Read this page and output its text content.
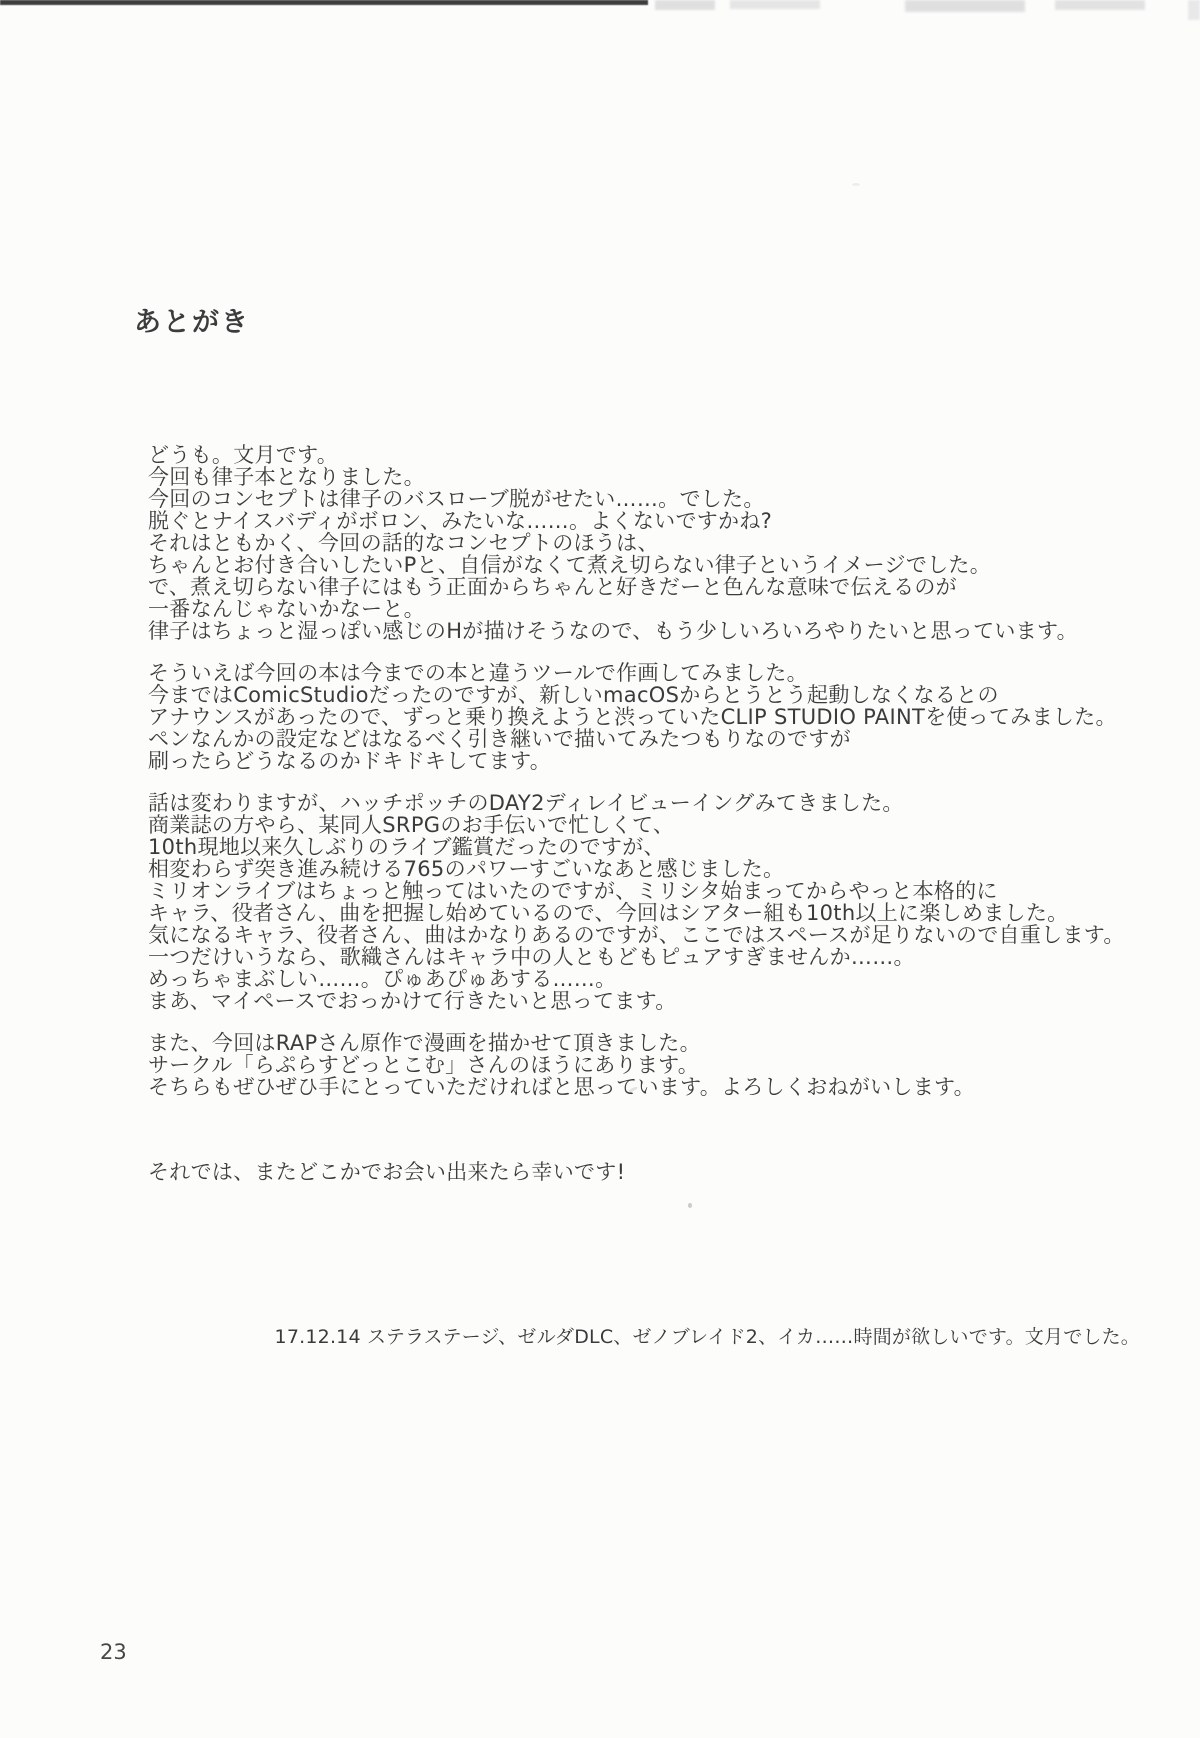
あとがき
どうも。文月です。
今回も律子本となりました。
今回のコンセプトは律子のバスローブ脱がせたい……。でした。
脱ぐとナイスバディがボロン、みたいな……。よくないですかね?
それはともかく、今回の話的なコンセプトのほうは、
ちゃんとお付き合いしたいPと、自信がなくて煮え切らない律子というイメージでした。
で、煮え切らない律子にはもう正面からちゃんと好きだーと色んな意味で伝えるのが
一番なんじゃないかなーと。
律子はちょっと湿っぽい感じのHが描けそうなので、もう少しいろいろやりたいと思っています。
そういえば今回の本は今までの本と違うツールで作画してみました。
今まではComicStudioだったのですが、新しいmacOSからとうとう起動しなくなるとの
アナウンスがあったので、ずっと乗り換えようと渋っていたCLIP STUDIO PAINTを使ってみました。
ペンなんかの設定などはなるべく引き継いで描いてみたつもりなのですが
刷ったらどうなるのかドキドキしてます。
話は変わりますが、ハッチポッチのDAY2ディレイビューイングみてきました。
商業誌の方やら、某同人SRPGのお手伝いで忙しくて、
10th現地以来久しぶりのライブ鑑賞だったのですが、
相変わらず突き進み続ける765のパワーすごいなあと感じました。
ミリオンライブはちょっと触ってはいたのですが、ミリシタ始まってからやっと本格的に
キャラ、役者さん、曲を把握し始めているので、今回はシアター組も10th以上に楽しめました。
気になるキャラ、役者さん、曲はかなりあるのですが、ここではスペースが足りないので自重します。
一つだけいうなら、歌織さんはキャラ中の人ともどもピュアすぎませんか……。
めっちゃまぶしい……。ぴゅあぴゅあする……。
まあ、マイペースでおっかけて行きたいと思ってます。
また、今回はRAPさん原作で漫画を描かせて頂きました。
サークル「らぷらすどっとこむ」さんのほうにあります。
そちらもぜひぜひ手にとっていただければと思っています。よろしくおねがいします。
それでは、またどこかでお会い出来たら幸いです!
17.12.14 ステラステージ、ゼルダDLC、ゼノブレイド2、イカ……時間が欲しいです。文月でした。
23
